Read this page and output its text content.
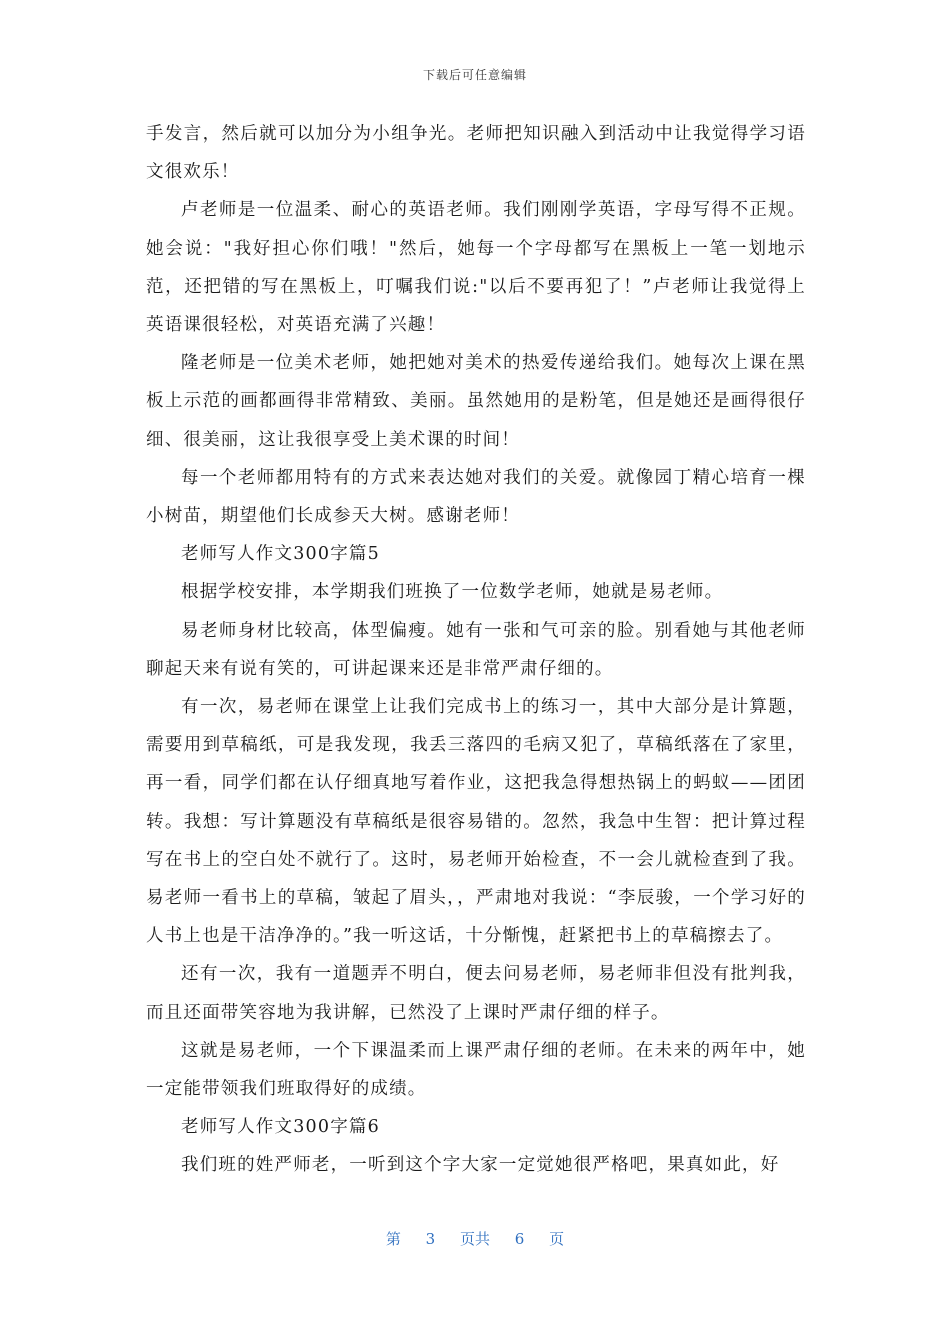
下载后可任意编辑

手发言，然后就可以加分为小组争光。老师把知识融入到活动中让我觉得学习语文很欢乐！

卢老师是一位温柔、耐心的英语老师。我们刚刚学英语，字母写得不正规。她会说："我好担心你们哦！"然后，她每一个字母都写在黑板上一笔一划地示范，还把错的写在黑板上，叮嘱我们说:"以后不要再犯了！”卢老师让我觉得上英语课很轻松，对英语充满了兴趣！

隆老师是一位美术老师，她把她对美术的热爱传递给我们。她每次上课在黑板上示范的画都画得非常精致、美丽。虽然她用的是粉笔，但是她还是画得很仔细、很美丽，这让我很享受上美术课的时间！

每一个老师都用特有的方式来表达她对我们的关爱。就像园丁精心培育一棵小树苗，期望他们长成参天大树。感谢老师！

老师写人作文300字篇5

根据学校安排，本学期我们班换了一位数学老师，她就是易老师。

易老师身材比较高，体型偏瘦。她有一张和气可亲的脸。别看她与其他老师聊起天来有说有笑的，可讲起课来还是非常严肃仔细的。

有一次，易老师在课堂上让我们完成书上的练习一，其中大部分是计算题，需要用到草稿纸，可是我发现，我丢三落四的毛病又犯了，草稿纸落在了家里，再一看，同学们都在认仔细真地写着作业，这把我急得想热锅上的蚂蚁——团团转。我想：写计算题没有草稿纸是很容易错的。忽然，我急中生智：把计算过程写在书上的空白处不就行了。这时，易老师开始检查，不一会儿就检查到了我。易老师一看书上的草稿，皱起了眉头，，严肃地对我说：“李辰骏，一个学习好的人书上也是干洁净净的。”我一听这话，十分惭愧，赶紧把书上的草稿擦去了。

还有一次，我有一道题弄不明白，便去问易老师，易老师非但没有批判我，而且还面带笑容地为我讲解，已然没了上课时严肃仔细的样子。

这就是易老师，一个下课温柔而上课严肃仔细的老师。在未来的两年中，她一定能带领我们班取得好的成绩。

老师写人作文300字篇6

我们班的姓严师老，一听到这个字大家一定觉她很严格吧，果真如此，好

第 3 页共 6 页
